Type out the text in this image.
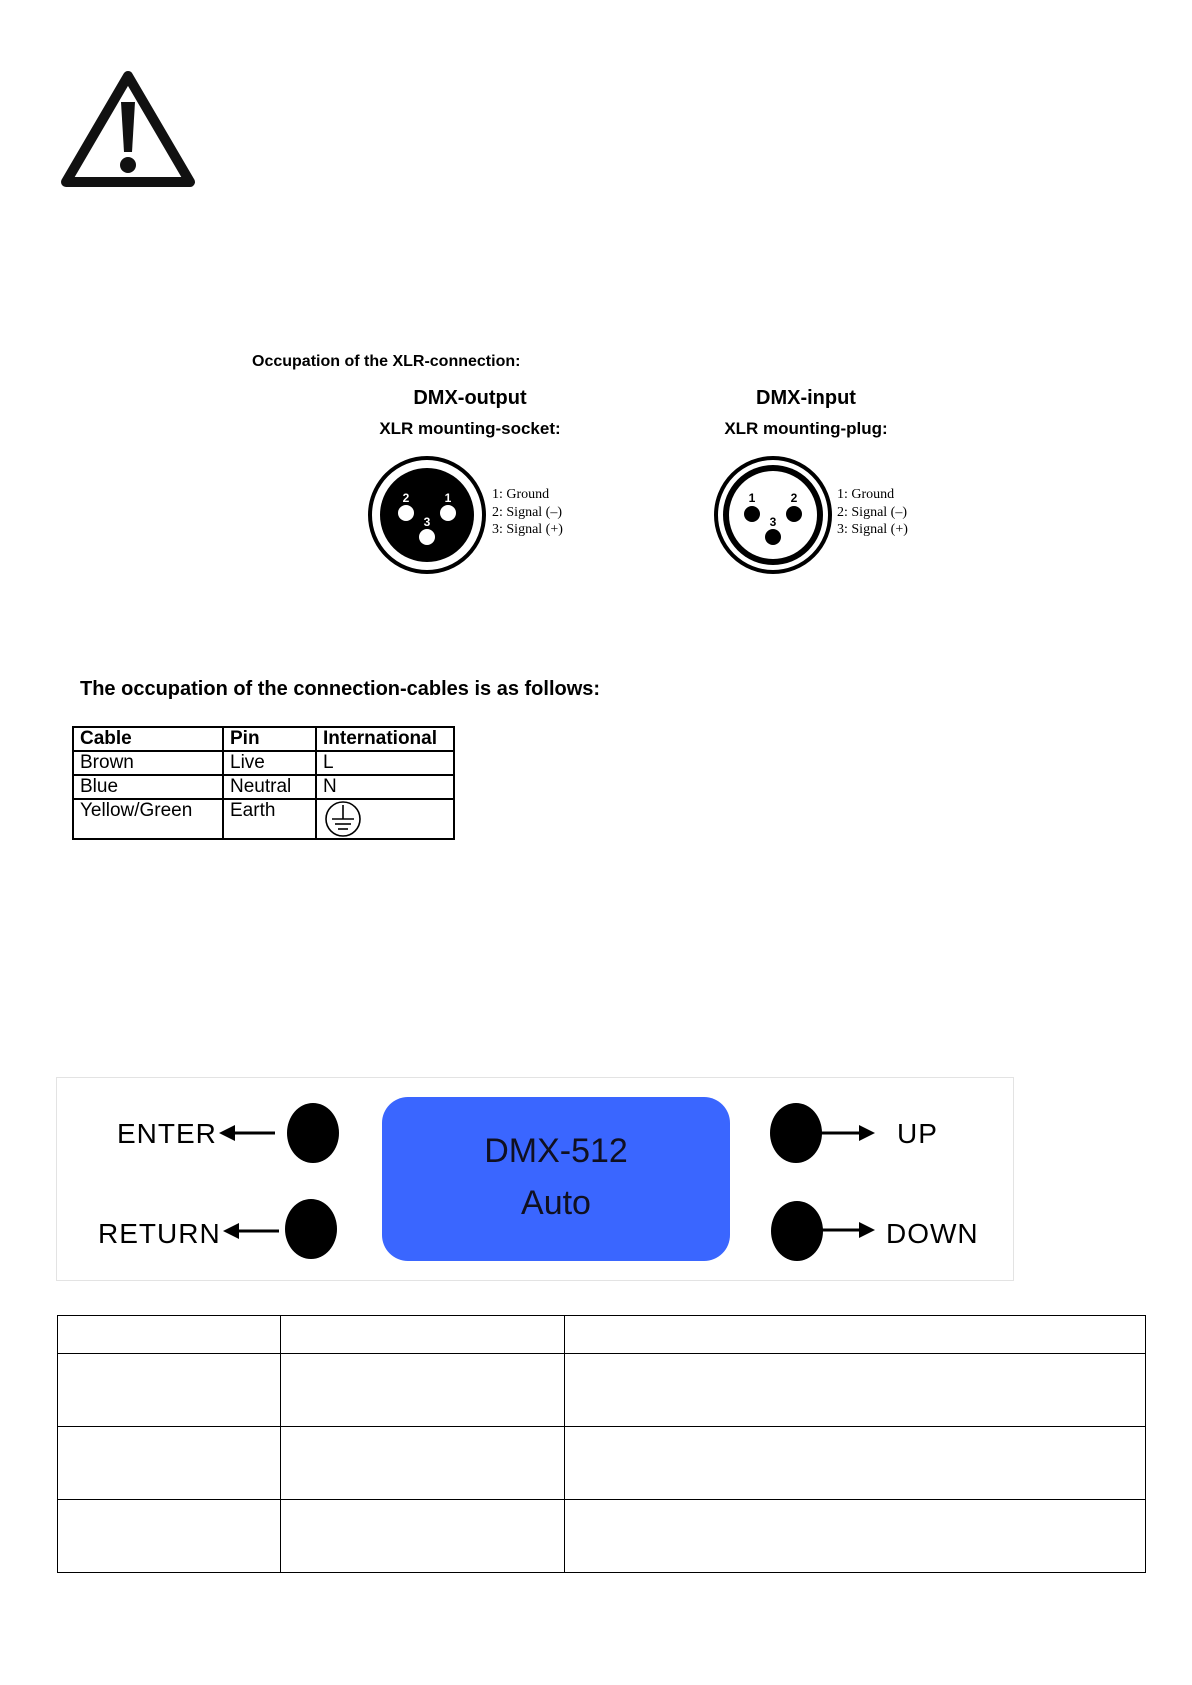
Occupation of the XLR-connection:
DMX-output
XLR mounting-socket:
DMX-input
XLR mounting-plug:
2	1
3
1: Ground
2: Signal (–)
3: Signal (+)
1	2
3
1: Ground
2: Signal (–)
3: Signal (+)
The occupation of the connection-cables is as follows:
Cable	Pin	International
Brown	Live	L
Blue	Neutral	N
Yellow/Green	Earth	
ENTER
RETURN
DMX-512
Auto
UP
DOWN
